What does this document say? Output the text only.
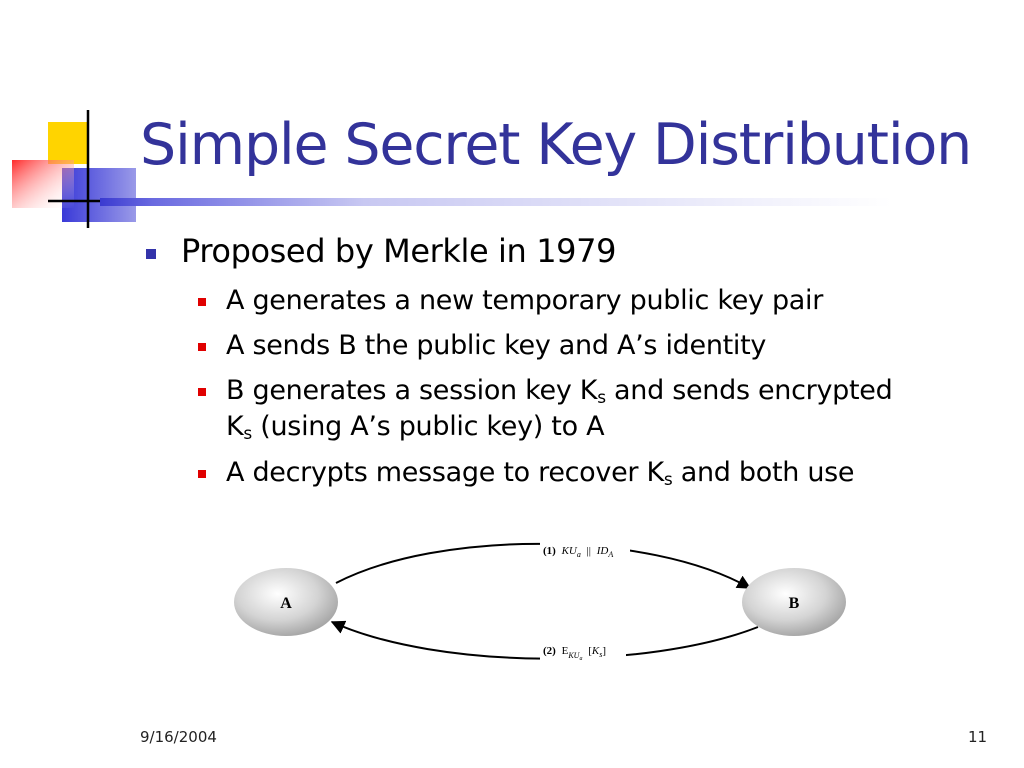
Simple Secret Key Distribution
Proposed by Merkle in 1979
A generates a new temporary public key pair
A sends B the public key and A’s identity
B generates a session key $K_s$ and sends encrypted
$K_s$ (using A’s public key) to A
A decrypts message to recover $K_s$ and both use
(1) $KU_a$ || $ID_A$
(2) $E_{KU}a$ $[K_s]$
A	B
9/16/2004	11
